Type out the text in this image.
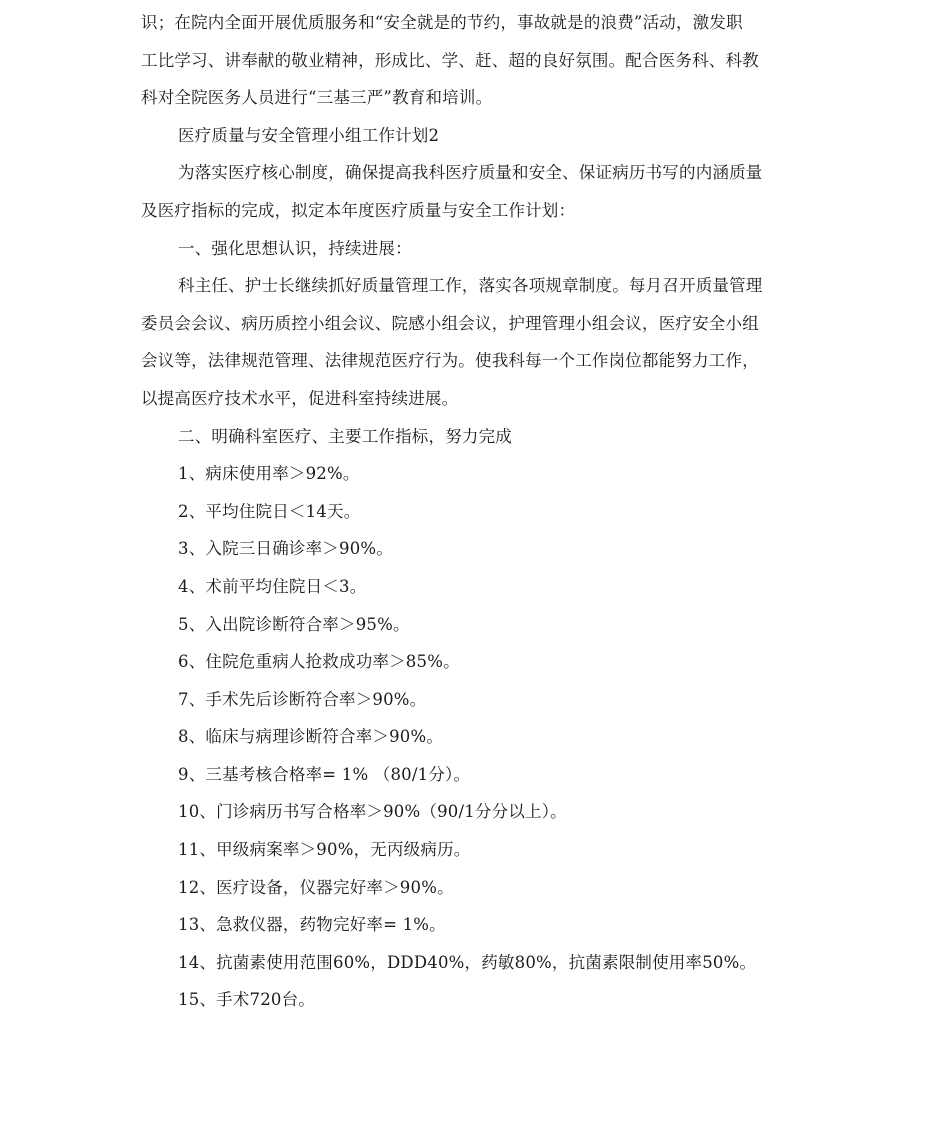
识；在院内全面开展优质服务和“安全就是的节约，事故就是的浪费”活动，激发职
工比学习、讲奉献的敬业精神，形成比、学、赶、超的良好氛围。配合医务科、科教
科对全院医务人员进行“三基三严”教育和培训。
医疗质量与安全管理小组工作计划2
为落实医疗核心制度，确保提高我科医疗质量和安全、保证病历书写的内涵质量
及医疗指标的完成，拟定本年度医疗质量与安全工作计划：
一、强化思想认识，持续进展：
科主任、护士长继续抓好质量管理工作，落实各项规章制度。每月召开质量管理
委员会会议、病历质控小组会议、院感小组会议，护理管理小组会议，医疗安全小组
会议等，法律规范管理、法律规范医疗行为。使我科每一个工作岗位都能努力工作，
以提高医疗技术水平，促进科室持续进展。
二、明确科室医疗、主要工作指标，努力完成
1、病床使用率＞92%。
2、平均住院日＜14天。
3、入院三日确诊率＞90%。
4、术前平均住院日＜3。
5、入出院诊断符合率＞95%。
6、住院危重病人抢救成功率＞85%。
7、手术先后诊断符合率＞90%。
8、临床与病理诊断符合率＞90%。
9、三基考核合格率= 1% （80/1分）。
10、门诊病历书写合格率＞90%（90/1分分以上）。
11、甲级病案率＞90%，无丙级病历。
12、医疗设备，仪器完好率＞90%。
13、急救仪器，药物完好率= 1%。
14、抗菌素使用范围60%，DDD40%，药敏80%，抗菌素限制使用率50%。
15、手术720台。
